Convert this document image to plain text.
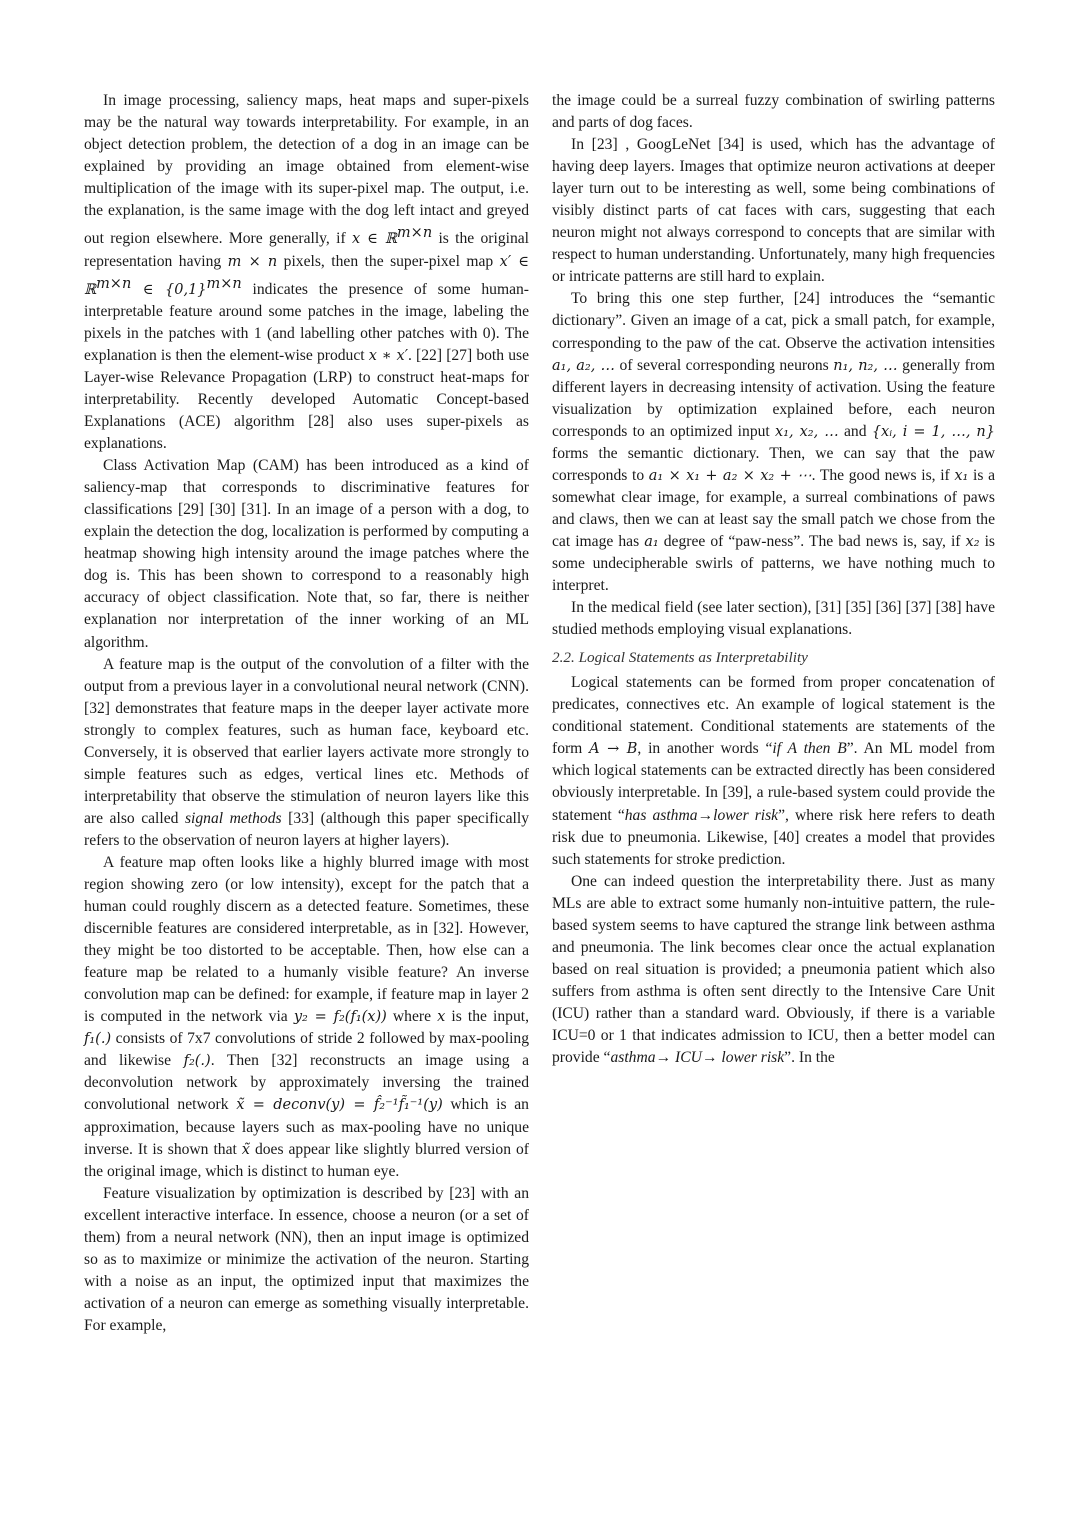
In image processing, saliency maps, heat maps and super-pixels may be the natural way towards interpretability. For example, in an object detection problem, the detection of a dog in an image can be explained by providing an image obtained from element-wise multiplication of the image with its super-pixel map. The output, i.e. the explanation, is the same image with the dog left intact and greyed out region elsewhere. More generally, if x ∈ ℝ$^{m\times n}$ is the original representation having m × n pixels, then the super-pixel map x′ ∈ ℝ$^{m\times n}$ ∈ $\{0,1\}^{m\times n}$ indicates the presence of some human-interpretable feature around some patches in the image, labeling the pixels in the patches with 1 (and labelling other patches with 0). The explanation is then the element-wise product x ∗ x′. [22] [27] both use Layer-wise Relevance Propagation (LRP) to construct heat-maps for interpretability. Recently developed Automatic Concept-based Explanations (ACE) algorithm [28] also uses super-pixels as explanations.

Class Activation Map (CAM) has been introduced as a kind of saliency-map that corresponds to discriminative features for classifications [29] [30] [31]. In an image of a person with a dog, to explain the detection the dog, localization is performed by computing a heatmap showing high intensity around the image patches where the dog is. This has been shown to correspond to a reasonably high accuracy of object classification. Note that, so far, there is neither explanation nor interpretation of the inner working of an ML algorithm.

A feature map is the output of the convolution of a filter with the output from a previous layer in a convolutional neural network (CNN). [32] demonstrates that feature maps in the deeper layer activate more strongly to complex features, such as human face, keyboard etc. Conversely, it is observed that earlier layers activate more strongly to simple features such as edges, vertical lines etc. Methods of interpretability that observe the stimulation of neuron layers like this are also called signal methods [33] (although this paper specifically refers to the observation of neuron layers at higher layers).

A feature map often looks like a highly blurred image with most region showing zero (or low intensity), except for the patch that a human could roughly discern as a detected feature. Sometimes, these discernible features are considered interpretable, as in [32]. However, they might be too distorted to be acceptable. Then, how else can a feature map be related to a humanly visible feature? An inverse convolution map can be defined: for example, if feature map in layer 2 is computed in the network via y₂ = f₂(f₁(x)) where x is the input, f₁(.) consists of 7x7 convolutions of stride 2 followed by max-pooling and likewise f₂(.). Then [32] reconstructs an image using a deconvolution network by approximately inversing the trained convolutional network x̃ = deconv(y) = f̂₂⁻¹f̃₁⁻¹(y) which is an approximation, because layers such as max-pooling have no unique inverse. It is shown that x̃ does appear like slightly blurred version of the original image, which is distinct to human eye.

Feature visualization by optimization is described by [23] with an excellent interactive interface. In essence, choose a neuron (or a set of them) from a neural network (NN), then an input image is optimized so as to maximize or minimize the activation of the neuron. Starting with a noise as an input, the optimized input that maximizes the activation of a neuron can emerge as something visually interpretable. For example,

the image could be a surreal fuzzy combination of swirling patterns and parts of dog faces.

In [23] , GoogLeNet [34] is used, which has the advantage of having deep layers. Images that optimize neuron activations at deeper layer turn out to be interesting as well, some being combinations of visibly distinct parts of cat faces with cars, suggesting that each neuron might not always correspond to concepts that are similar with respect to human understanding. Unfortunately, many high frequencies or intricate patterns are still hard to explain.

To bring this one step further, [24] introduces the “semantic dictionary”. Given an image of a cat, pick a small patch, for example, corresponding to the paw of the cat. Observe the activation intensities a₁, a₂, … of several corresponding neurons n₁, n₂, … generally from different layers in decreasing intensity of activation. Using the feature visualization by optimization explained before, each neuron corresponds to an optimized input x₁, x₂, … and {xᵢ, i = 1, …, n} forms the semantic dictionary. Then, we can say that the paw corresponds to a₁ × x₁ + a₂ × x₂ + ⋯. The good news is, if x₁ is a somewhat clear image, for example, a surreal combinations of paws and claws, then we can at least say the small patch we chose from the cat image has a₁ degree of “paw-ness”. The bad news is, say, if x₂ is some undecipherable swirls of patterns, we have nothing much to interpret.

In the medical field (see later section), [31] [35] [36] [37] [38] have studied methods employing visual explanations.

2.2. Logical Statements as Interpretability

Logical statements can be formed from proper concatenation of predicates, connectives etc. An example of logical statement is the conditional statement. Conditional statements are statements of the form A → B, in another words “if A then B”. An ML model from which logical statements can be extracted directly has been considered obviously interpretable. In [39], a rule-based system could provide the statement “has asthma→lower risk”, where risk here refers to death risk due to pneumonia. Likewise, [40] creates a model that provides such statements for stroke prediction.

One can indeed question the interpretability there. Just as many MLs are able to extract some humanly non-intuitive pattern, the rule-based system seems to have captured the strange link between asthma and pneumonia. The link becomes clear once the actual explanation based on real situation is provided; a pneumonia patient which also suffers from asthma is often sent directly to the Intensive Care Unit (ICU) rather than a standard ward. Obviously, if there is a variable ICU=0 or 1 that indicates admission to ICU, then a better model can provide “asthma→ ICU→ lower risk”. In the
